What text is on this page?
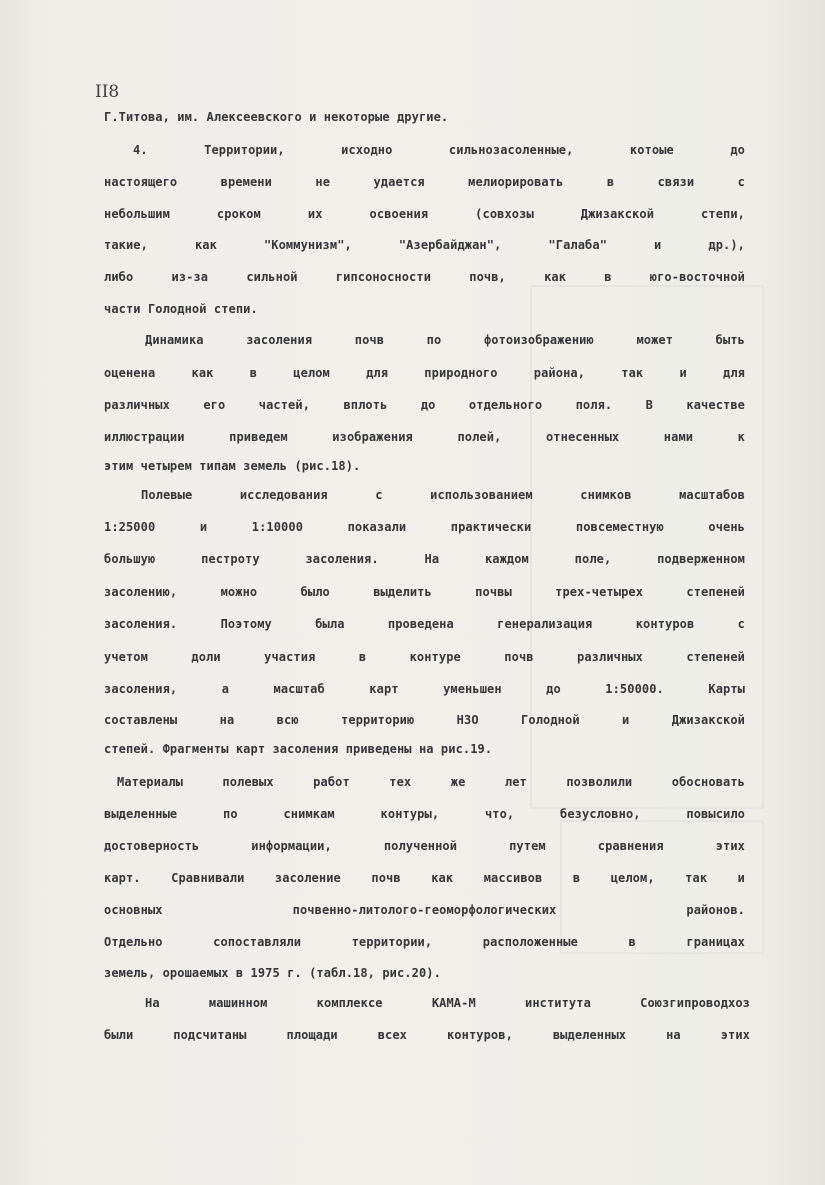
II8
Г.Титова, им. Алексеевского и некоторые другие.
4. Территории, исходно сильнозасоленные, котоые до
настоящего времени не удается мелиорировать в связи с
небольшим сроком их освоения (совхозы Джизакской степи,
такие, как "Коммунизм", "Азербайджан", "Галаба" и др.),
либо из-за сильной гипсоносности почв, как в юго-восточной
части Голодной степи.
Динамика засоления почв по фотоизображению может быть
оценена как в целом для природного района, так и для
различных его частей, вплоть до отдельного поля. В качестве
иллюстрации приведем изображения полей, отнесенных нами к
этим четырем типам земель (рис.18).
Полевые исследования с использованием снимков масштабов
1:25000 и 1:10000 показали практически повсеместную очень
большую пестроту засоления. На каждом поле, подверженном
засолению, можно было выделить почвы трех-четырех степеней
засоления. Поэтому была проведена генерализация контуров с
учетом доли участия в контуре почв различных степеней
засоления, а масштаб карт уменьшен до 1:50000. Карты
составлены на всю территорию НЗО Голодной и Джизакской
степей. Фрагменты карт засоления приведены на рис.19.
Материалы полевых работ тех же лет позволили обосновать
выделенные по снимкам контуры, что, безусловно, повысило
достоверность информации, полученной путем сравнения этих
карт. Сравнивали засоление почв как массивов в целом, так и
основных почвенно-литолого-геоморфологических районов.
Отдельно сопоставляли территории, расположенные в границах
земель, орошаемых в 1975 г. (табл.18, рис.20).
На машинном комплексе КАМА-М института Союзгипроводхоз
были подсчитаны площади всех контуров, выделенных на этих
